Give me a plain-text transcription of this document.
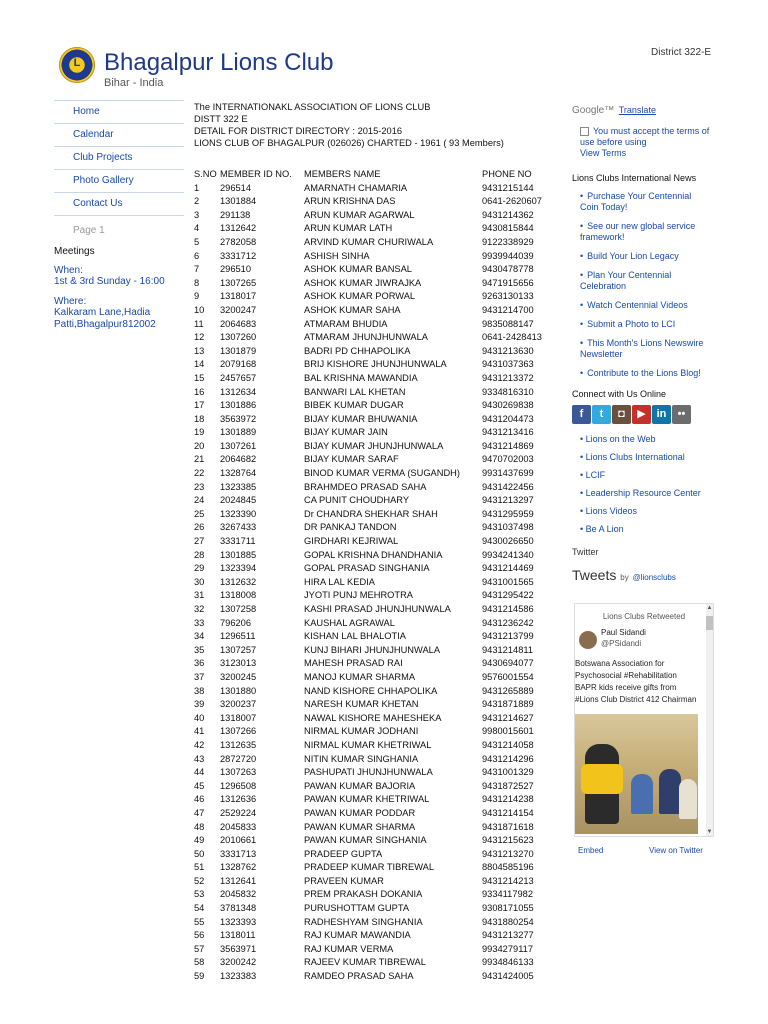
L Bhagalpur Lions Club
Bihar - India
District 322-E
Home
Calendar
Club Projects
Photo Gallery
Contact Us
Page 1
Meetings
When:
1st & 3rd Sunday - 16:00
Where:
Kalkaram Lane,Hadia
Patti,Bhagalpur812002
The INTERNATIONAKL ASSOCIATION OF LIONS CLUB
DISTT 322 E
DETAIL FOR DISTRICT DIRECTORY : 2015-2016
LIONS CLUB OF BHAGALPUR (026026) CHARTED - 1961 ( 93 Members)
S.NO MEMBER ID NO. MEMBERS NAME	PHONE NO
1 296514	AMARNATH CHAMARIA	9431215144
2 1301884	ARUN KRISHNA DAS	0641-2620607
3 291138	ARUN KUMAR AGARWAL	9431214362
4 1312642	ARUN KUMAR LATH	9430815844
5 2782058	ARVIND KUMAR CHURIWALA	9122338929
6 3331712	ASHISH SINHA	9939944039
7 296510	ASHOK KUMAR BANSAL	9430478778
8 1307265	ASHOK KUMAR JIWRAJKA	9471915656
9 1318017	ASHOK KUMAR PORWAL	9263130133
10 3200247	ASHOK KUMAR SAHA	9431214700
11 2064683	ATMARAM BHUDIA	9835088147
12 1307260	ATMARAM JHUNJHUNWALA	0641-2428413
13 1301879	BADRI PD CHHAPOLIKA	9431213630
14 2079168	BRIJ KISHORE JHUNJHUNWALA	9431037363
15 2457657	BAL KRISHNA MAWANDIA	9431213372
16 1312634	BANWARI LAL KHETAN	9334816310
17 1301886	BIBEK KUMAR DUGAR	9430269838
18 3563972	BIJAY KUMAR BHUWANIA	9431204473
19 1301889	BIJAY KUMAR JAIN	9431213416
20 1307261	BIJAY KUMAR JHUNJHUNWALA	9431214869
21 2064682	BIJAY KUMAR SARAF	9470702003
22 1328764	BINOD KUMAR VERMA (SUGANDH) 9931437699
23 1323385	BRAHMDEO PRASAD SAHA	9431422456
24 2024845	CA PUNIT CHOUDHARY	9431213297
25 1323390	Dr CHANDRA SHEKHAR SHAH	9431295959
26 3267433	DR PANKAJ TANDON	9431037498
27 3331711	GIRDHARI KEJRIWAL	9430026650
28 1301885	GOPAL KRISHNA DHANDHANIA	9934241340
29 1323394	GOPAL PRASAD SINGHANIA	9431214469
30 1312632	HIRA LAL KEDIA	9431001565
31 1318008	JYOTI PUNJ MEHROTRA	9431295422
32 1307258	KASHI PRASAD JHUNJHUNWALA	9431214586
33 796206	KAUSHAL AGRAWAL	9431236242
34 1296511	KISHAN LAL BHALOTIA	9431213799
35 1307257	KUNJ BIHARI JHUNJHUNWALA	9431214811
36 3123013	MAHESH PRASAD RAI	9430694077
37 3200245	MANOJ KUMAR SHARMA	9576001554
38 1301880	NAND KISHORE CHHAPOLIKA	9431265889
39 3200237	NARESH KUMAR KHETAN	9431871889
40 1318007	NAWAL KISHORE MAHESHEKA	9431214627
41 1307266	NIRMAL KUMAR JODHANI	9980015601
42 1312635	NIRMAL KUMAR KHETRIWAL	9431214058
43 2872720	NITIN KUMAR SINGHANIA	9431214296
44 1307263	PASHUPATI JHUNJHUNWALA	9431001329
45 1296508	PAWAN KUMAR BAJORIA	9431872527
46 1312636	PAWAN KUMAR KHETRIWAL	9431214238
47 2529224	PAWAN KUMAR PODDAR	9431214154
48 2045833	PAWAN KUMAR SHARMA	9431871618
49 2010661	PAWAN KUMAR SINGHANIA	9431215623
50 3331713	PRADEEP GUPTA	9431213270
51 1328762	PRADEEP KUMAR TIBREWAL	8804585196
52 1312641	PRAVEEN KUMAR	9431214213
53 2045832	PREM PRAKASH DOKANIA	9334117982
54 3781348	PURUSHOTTAM GUPTA	9308171055
55 1323393	RADHESHYAM SINGHANIA	9431880254
56 1318011	RAJ KUMAR MAWANDIA	9431213277
57 3563971	RAJ KUMAR VERMA	9934279117
58 3200242	RAJEEV KUMAR TIBREWAL	9934846133
59 1323383	RAMDEO PRASAD SAHA	9431424005
Google™ Translate
You must accept the terms of use before using
View Terms
Lions Clubs International News
• Purchase Your Centennial Coin Today!
• See our new global service framework!
• Build Your Lion Legacy
• Plan Your Centennial Celebration
• Watch Centennial Videos
• Submit a Photo to LCI
• This Month's Lions Newswire Newsletter
• Contribute to the Lions Blog!
Connect with Us Online
f t ◘ ▶ in ••
• Lions on the Web
• Lions Clubs International
• LCIF
• Leadership Resource Center
• Lions Videos
• Be A Lion
Twitter
Tweets by @lionsclubs
Lions Clubs Retweeted
Paul Sidandi
@PSidandi
Botswana Association for
Psychosocial #Rehabilitation
BAPR kids receive gifts from
#Lions Club District 412 Chairman
▲
▼
Embed	View on Twitter
